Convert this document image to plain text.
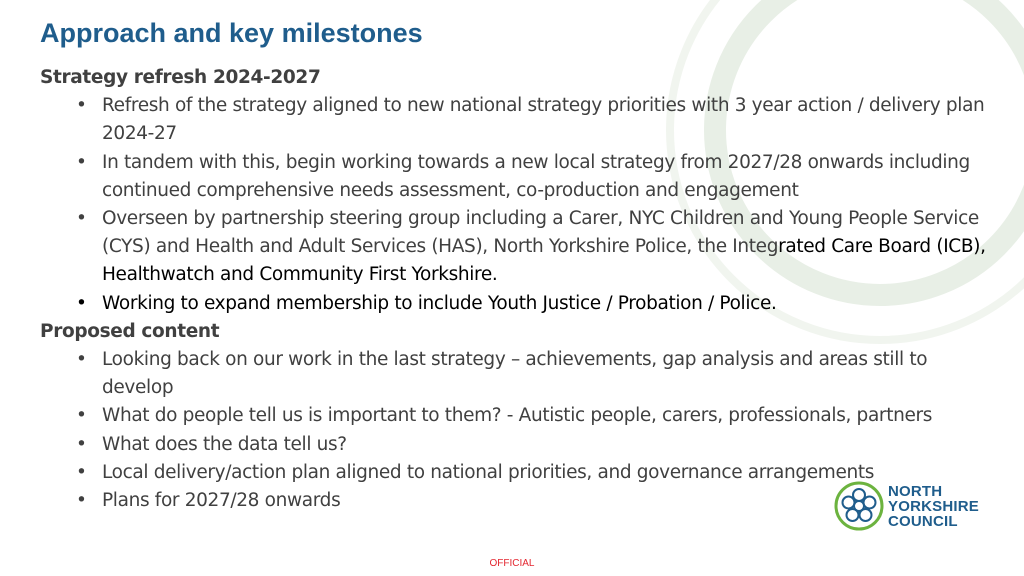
Approach and key milestones

Strategy refresh 2024-2027

• Refresh of the strategy aligned to new national strategy priorities with 3 year action / delivery plan 2024-27
• In tandem with this, begin working towards a new local strategy from 2027/28 onwards including continued comprehensive needs assessment, co-production and engagement
• Overseen by partnership steering group including a Carer, NYC Children and Young People Service (CYS) and Health and Adult Services (HAS), North Yorkshire Police, the Integrated Care Board (ICB), Healthwatch and Community First Yorkshire.
• Working to expand membership to include Youth Justice / Probation / Police.

Proposed content

• Looking back on our work in the last strategy – achievements, gap analysis and areas still to develop
• What do people tell us is important to them? - Autistic people, carers, professionals, partners
• What does the data tell us?
• Local delivery/action plan aligned to national priorities, and governance arrangements
• Plans for 2027/28 onwards	NORTH
YORKSHIRE
COUNCIL
OFFICIAL
